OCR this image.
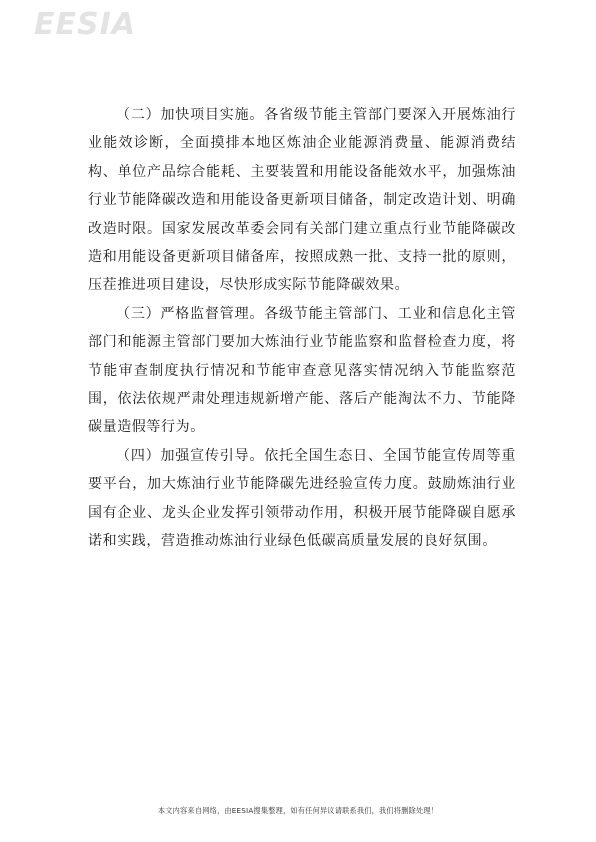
EESIA

（二）加快项目实施。各省级节能主管部门要深入开展炼油行业能效诊断，全面摸排本地区炼油企业能源消费量、能源消费结构、单位产品综合能耗、主要装置和用能设备能效水平，加强炼油行业节能降碳改造和用能设备更新项目储备，制定改造计划、明确改造时限。国家发展改革委会同有关部门建立重点行业节能降碳改造和用能设备更新项目储备库，按照成熟一批、支持一批的原则，压茬推进项目建设，尽快形成实际节能降碳效果。

（三）严格监督管理。各级节能主管部门、工业和信息化主管部门和能源主管部门要加大炼油行业节能监察和监督检查力度，将节能审查制度执行情况和节能审查意见落实情况纳入节能监察范围，依法依规严肃处理违规新增产能、落后产能淘汰不力、节能降碳量造假等行为。

（四）加强宣传引导。依托全国生态日、全国节能宣传周等重要平台，加大炼油行业节能降碳先进经验宣传力度。鼓励炼油行业国有企业、龙头企业发挥引领带动作用，积极开展节能降碳自愿承诺和实践，营造推动炼油行业绿色低碳高质量发展的良好氛围。

本文内容来自网络，由EESIA搜集整理，如有任何异议请联系我们，我们将删除处理！
